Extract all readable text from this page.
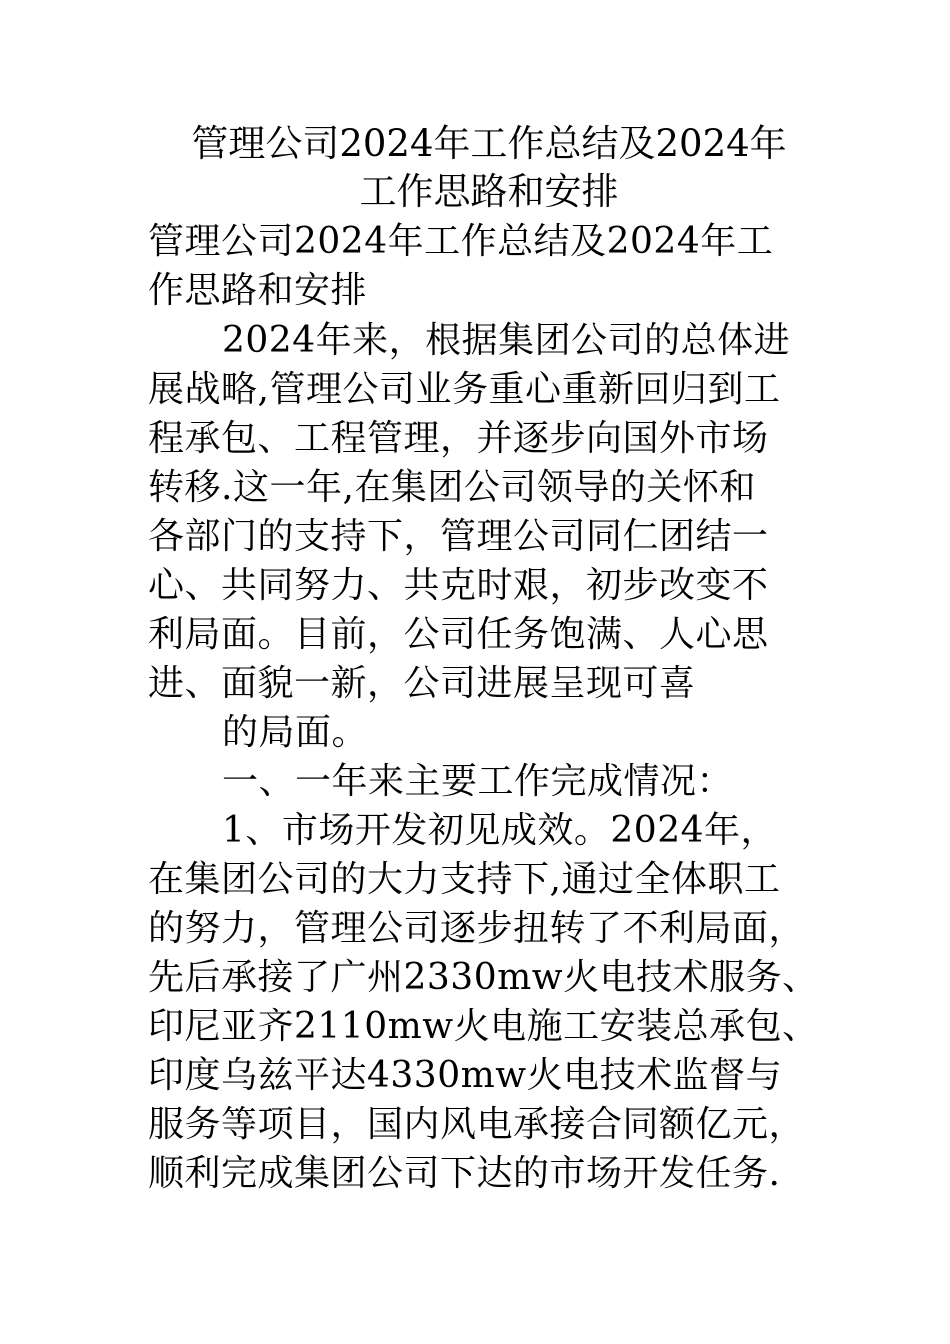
管理公司2024年工作总结及2024年
工作思路和安排
管理公司2024年工作总结及2024年工
作思路和安排
2024年来，根据集团公司的总体进
展战略,管理公司业务重心重新回归到工
程承包、工程管理，并逐步向国外市场
转移.这一年,在集团公司领导的关怀和
各部门的支持下，管理公司同仁团结一
心、共同努力、共克时艰，初步改变不
利局面。目前，公司任务饱满、人心思
进、面貌一新，公司进展呈现可喜
的局面。
一、一年来主要工作完成情况：
1、市场开发初见成效。2024年，
在集团公司的大力支持下,通过全体职工
的努力，管理公司逐步扭转了不利局面，
先后承接了广州2330mw火电技术服务、
印尼亚齐2110mw火电施工安装总承包、
印度乌兹平达4330mw火电技术监督与
服务等项目，国内风电承接合同额亿元，
顺利完成集团公司下达的市场开发任务.
